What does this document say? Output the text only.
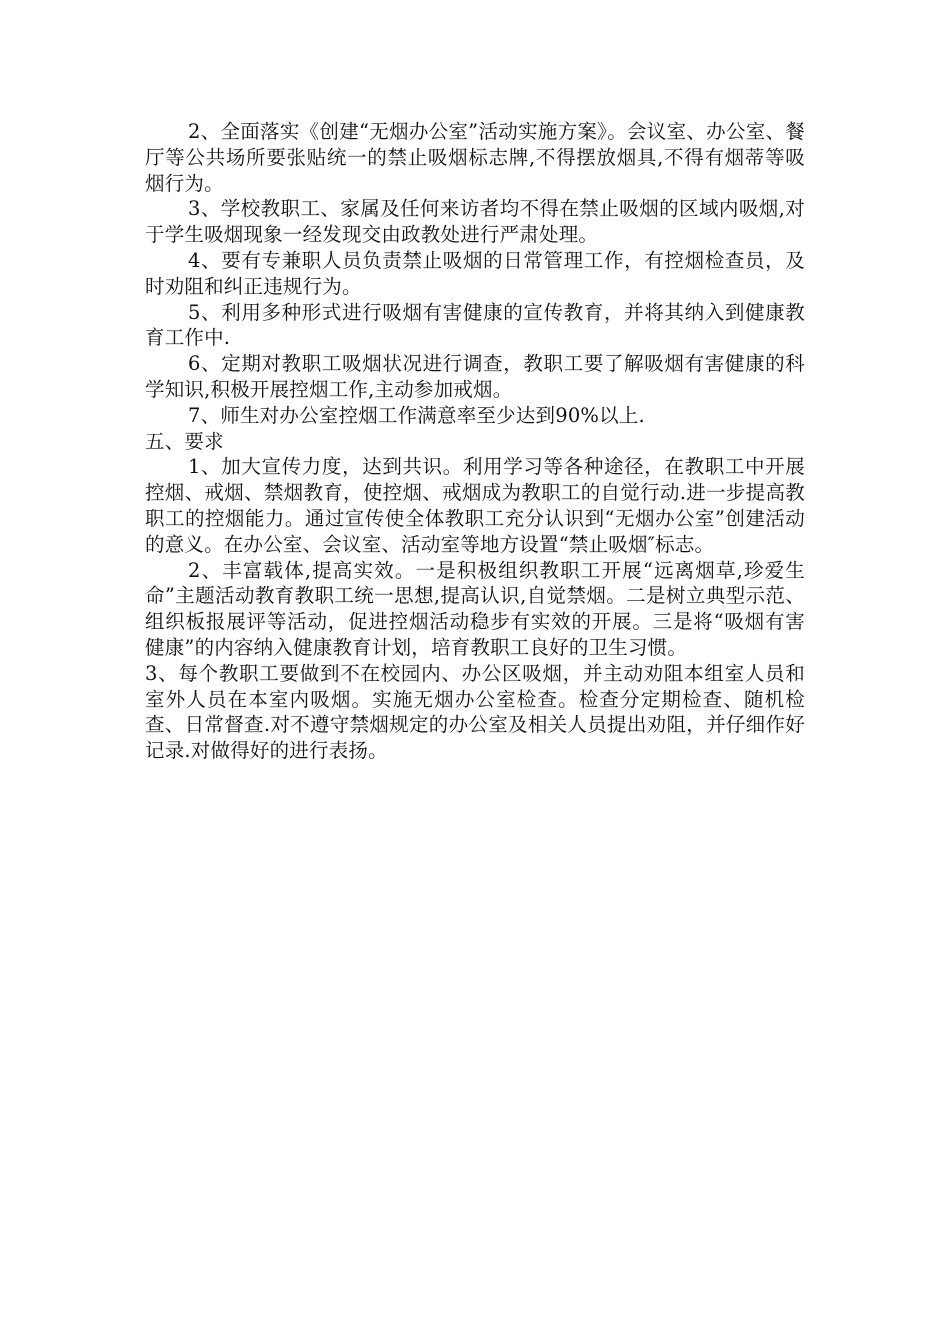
2、全面落实《创建“无烟办公室”活动实施方案》。会议室、办公室、餐厅等公共场所要张贴统一的禁止吸烟标志牌,不得摆放烟具,不得有烟蒂等吸烟行为。

3、学校教职工、家属及任何来访者均不得在禁止吸烟的区域内吸烟,对于学生吸烟现象一经发现交由政教处进行严肃处理。

4、要有专兼职人员负责禁止吸烟的日常管理工作，有控烟检查员，及时劝阻和纠正违规行为。

5、利用多种形式进行吸烟有害健康的宣传教育，并将其纳入到健康教育工作中.

6、定期对教职工吸烟状况进行调查，教职工要了解吸烟有害健康的科学知识,积极开展控烟工作,主动参加戒烟。

7、师生对办公室控烟工作满意率至少达到90%以上.

五、要求

1、加大宣传力度，达到共识。利用学习等各种途径，在教职工中开展控烟、戒烟、禁烟教育，使控烟、戒烟成为教职工的自觉行动.进一步提高教职工的控烟能力。通过宣传使全体教职工充分认识到“无烟办公室”创建活动的意义。在办公室、会议室、活动室等地方设置“禁止吸烟″标志。

2、丰富载体,提高实效。一是积极组织教职工开展“远离烟草,珍爱生命”主题活动教育教职工统一思想,提高认识,自觉禁烟。二是树立典型示范、组织板报展评等活动，促进控烟活动稳步有实效的开展。三是将“吸烟有害健康”的内容纳入健康教育计划，培育教职工良好的卫生习惯。

3、每个教职工要做到不在校园内、办公区吸烟，并主动劝阻本组室人员和室外人员在本室内吸烟。实施无烟办公室检查。检查分定期检查、随机检查、日常督查.对不遵守禁烟规定的办公室及相关人员提出劝阻，并仔细作好记录.对做得好的进行表扬。
